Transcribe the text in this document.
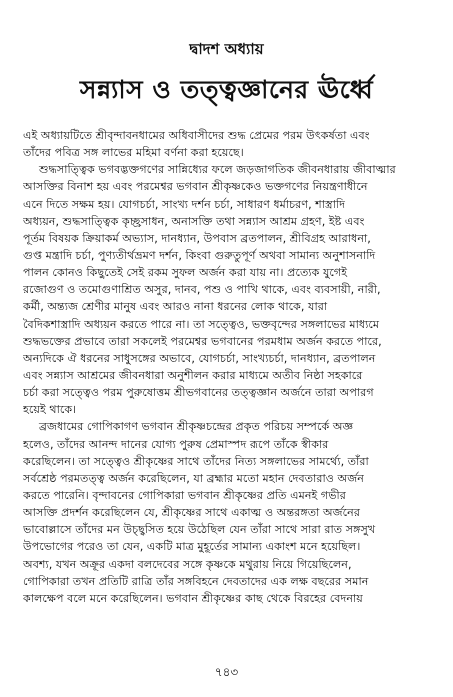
দ্বাদশ অধ্যায়
সন্ন্যাস ও তত্ত্বজ্ঞানের ঊর্ধ্বে
এই অধ্যায়টিতে শ্রীবৃন্দাবনধামের অধিবাসীদের শুদ্ধ প্রেমের পরম উৎকর্ষতা এবং
তাঁদের পবিত্র সঙ্গ লাভের মহিমা বর্ণনা করা হয়েছে।
শুদ্ধসাত্ত্বিক ভগবদ্ভক্তগণের সান্নিধ্যের ফলে জড়জাগতিক জীবনধারায় জীবাত্মার
আসক্তির বিনাশ হয় এবং পরমেশ্বর ভগবান শ্রীকৃষ্ণকেও ভক্তগণের নিয়ন্ত্রণাধীনে
এনে দিতে সক্ষম হয়। যোগচর্চা, সাংখ্য দর্শন চর্চা, সাধারণ ধর্মাচরণ, শাস্ত্রাদি
অধ্যয়ন, শুদ্ধসাত্ত্বিক কৃচ্ছ্রসাধন, অনাসক্তি তথা সন্ন্যাস আশ্রম গ্রহণ, ইষ্ট এবং
পূর্তম বিষয়ক ক্রিয়াকর্ম অভ্যাস, দানধ্যান, উপবাস ব্রতপালন, শ্রীবিগ্রহ আরাধনা,
গুপ্ত মন্ত্রাদি চর্চা, পুণ্যতীর্থভ্রমণ দর্শন, কিংবা গুরুতুপূর্ণ অথবা সামান্য অনুশাসনাদি
পালন কোনও কিছুতেই সেই রকম সুফল অর্জন করা যায় না। প্রত্যেক যুগেই
রজোগুণ ও তমোগুণাশ্রিত অসুর, দানব, পশু ও পাখি থাকে, এবং ব্যবসায়ী, নারী,
কর্মী, অন্ত্যজ শ্রেণীর মানুষ এবং আরও নানা ধরনের লোক থাকে, যারা
বৈদিকশাস্ত্রাদি অধ্যয়ন করতে পারে না। তা সত্ত্বেও, ভক্তবৃন্দের সঙ্গলাভের মাধ্যমে
শুদ্ধভক্তের প্রভাবে তারা সকলেই পরমেশ্বর ভগবানের পরমধাম অর্জন করতে পারে,
অন্যদিকে ঐ ধরনের সাধুসঙ্গের অভাবে, যোগচর্চা, সাংখ্যচর্চা, দানধ্যান, ব্রতপালন
এবং সন্ন্যাস আশ্রমের জীবনধারা অনুশীলন করার মাধ্যমে অতীব নিষ্ঠা সহকারে
চর্চা করা সত্ত্বেও পরম পুরুষোত্তম শ্রীভগবানের তত্ত্বজ্ঞান অর্জনে তারা অপারগ
হয়েই থাকে।
ব্রজধামের গোপিকাগণ ভগবান শ্রীকৃষ্ণচন্দ্রের প্রকৃত পরিচয় সম্পর্কে অজ্ঞ
হলেও, তাঁদের আনন্দ দানের যোগ্য পুরুষ প্রেমাস্পদ রূপে তাঁকে স্বীকার
করেছিলেন। তা সত্ত্বেও শ্রীকৃষ্ণের সাথে তাঁদের নিত্য সঙ্গলাভের সামর্থ্যে, তাঁরা
সর্বশ্রেষ্ঠ পরমতত্ত্ব অর্জন করেছিলেন, যা ব্রহ্মার মতো মহান দেবতারাও অর্জন
করতে পারেনি। বৃন্দাবনের গোপিকারা ভগবান শ্রীকৃষ্ণের প্রতি এমনই গভীর
আসক্তি প্রদর্শন করেছিলেন যে, শ্রীকৃষ্ণের সাথে একাত্ম ও অন্তরঙ্গতা অর্জনের
ভাবোল্লাসে তাঁদের মন উচ্ছ্বসিত হয়ে উঠেছিল যেন তাঁরা সাথে সারা রাত সঙ্গসুখ
উপভোগের পরেও তা যেন, একটি মাত্র মুহূর্তের সামান্য একাংশ মনে হয়েছিল।
অবশ্য, যখন অক্রূর একদা বলদেবের সঙ্গে কৃষ্ণকে মথুরায় নিয়ে গিয়েছিলেন,
গোপিকারা তখন প্রতিটি রাত্রি তাঁর সঙ্গবিহনে দেবতাদের এক লক্ষ বছরের সমান
কালক্ষেপ বলে মনে করেছিলেন। ভগবান শ্রীকৃষ্ণের কাছ থেকে বিরহের বেদনায়
৭৪৩
